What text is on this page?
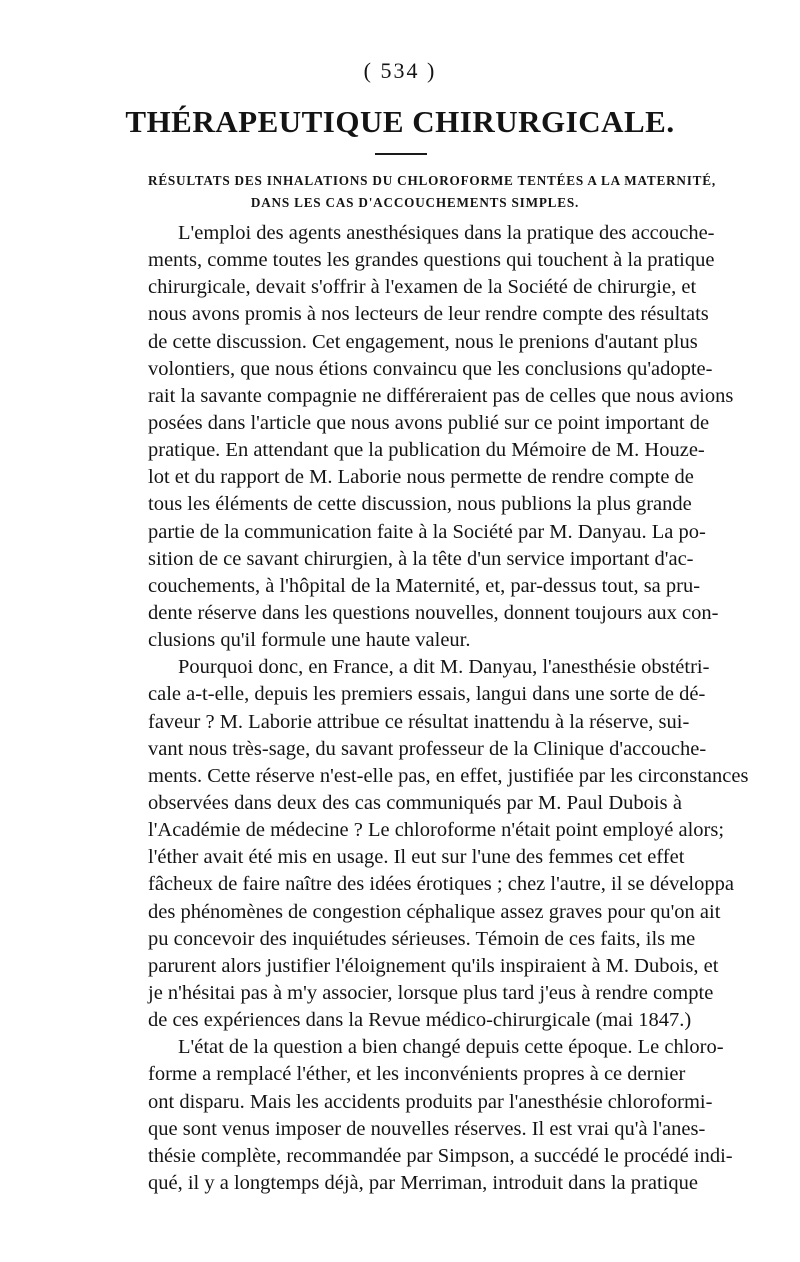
( 534 )
THÉRAPEUTIQUE CHIRURGICALE.
RÉSULTATS DES INHALATIONS DU CHLOROFORME TENTÉES A LA MATERNITÉ,
DANS LES CAS D'ACCOUCHEMENTS SIMPLES.
L'emploi des agents anesthésiques dans la pratique des accouche-
ments, comme toutes les grandes questions qui touchent à la pratique
chirurgicale, devait s'offrir à l'examen de la Société de chirurgie, et
nous avons promis à nos lecteurs de leur rendre compte des résultats
de cette discussion. Cet engagement, nous le prenions d'autant plus
volontiers, que nous étions convaincu que les conclusions qu'adopte-
rait la savante compagnie ne différeraient pas de celles que nous avions
posées dans l'article que nous avons publié sur ce point important de
pratique. En attendant que la publication du Mémoire de M. Houze-
lot et du rapport de M. Laborie nous permette de rendre compte de
tous les éléments de cette discussion, nous publions la plus grande
partie de la communication faite à la Société par M. Danyau. La po-
sition de ce savant chirurgien, à la tête d'un service important d'ac-
couchements, à l'hôpital de la Maternité, et, par-dessus tout, sa pru-
dente réserve dans les questions nouvelles, donnent toujours aux con-
clusions qu'il formule une haute valeur.
Pourquoi donc, en France, a dit M. Danyau, l'anesthésie obstétri-
cale a-t-elle, depuis les premiers essais, langui dans une sorte de dé-
faveur ? M. Laborie attribue ce résultat inattendu à la réserve, sui-
vant nous très-sage, du savant professeur de la Clinique d'accouche-
ments. Cette réserve n'est-elle pas, en effet, justifiée par les circonstances
observées dans deux des cas communiqués par M. Paul Dubois à
l'Académie de médecine ? Le chloroforme n'était point employé alors;
l'éther avait été mis en usage. Il eut sur l'une des femmes cet effet
fâcheux de faire naître des idées érotiques ; chez l'autre, il se développa
des phénomènes de congestion céphalique assez graves pour qu'on ait
pu concevoir des inquiétudes sérieuses. Témoin de ces faits, ils me
parurent alors justifier l'éloignement qu'ils inspiraient à M. Dubois, et
je n'hésitai pas à m'y associer, lorsque plus tard j'eus à rendre compte
de ces expériences dans la Revue médico-chirurgicale (mai 1847.)
L'état de la question a bien changé depuis cette époque. Le chloro-
forme a remplacé l'éther, et les inconvénients propres à ce dernier
ont disparu. Mais les accidents produits par l'anesthésie chloroformi-
que sont venus imposer de nouvelles réserves. Il est vrai qu'à l'anes-
thésie complète, recommandée par Simpson, a succédé le procédé indi-
qué, il y a longtemps déjà, par Merriman, introduit dans la pratique
